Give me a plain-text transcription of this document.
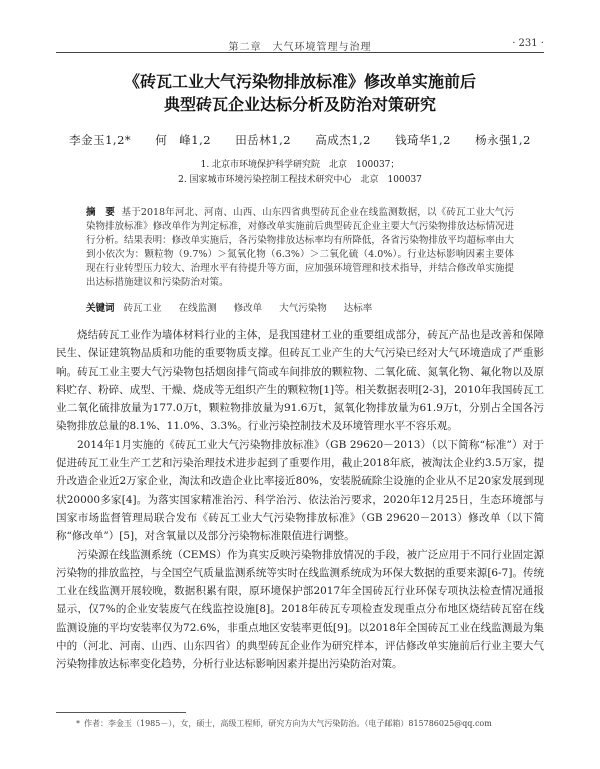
第二章　大气环境管理与治理	· 231 ·
《砖瓦工业大气污染物排放标准》修改单实施前后
典型砖瓦企业达标分析及防治对策研究
李金玉1,2* 何　峰1,2 田岳林1,2 高成杰1,2 钱琦华1,2 杨永强1,2
1. 北京市环境保护科学研究院　北京　100037；
2. 国家城市环境污染控制工程技术研究中心　北京　100037
摘　要 基于2018年河北、河南、山西、山东四省典型砖瓦企业在线监测数据，以《砖瓦工业大气污染物排放标准》修改单作为判定标准，对修改单实施前后典型砖瓦企业主要大气污染物排放达标情况进行分析。结果表明：修改单实施后，各污染物排放达标率均有所降低，各省污染物排放平均超标率由大到小依次为：颗粒物（9.7%）＞氮氧化物（6.3%）＞二氧化硫（4.0%）。行业达标影响因素主要体现在行业转型压力较大、治理水平有待提升等方面，应加强环境管理和技术指导，并结合修改单实施提出达标措施建议和污染防治对策。
关键词 砖瓦工业 在线监测 修改单 大气污染物 达标率

烧结砖瓦工业作为墙体材料行业的主体，是我国建材工业的重要组成部分，砖瓦产品也是改善和保障民生、保证建筑物品质和功能的重要物质支撑。但砖瓦工业产生的大气污染已经对大气环境造成了严重影响。砖瓦工业主要大气污染物包括烟囱排气筒或车间排放的颗粒物、二氧化硫、氮氧化物、氟化物以及原料贮存、粉碎、成型、干燥、烧成等无组织产生的颗粒物[1]等。相关数据表明[2-3]，2010年我国砖瓦工业二氧化硫排放量为177.0万t，颗粒物排放量为91.6万t，氮氧化物排放量为61.9万t，分别占全国各污染物排放总量的8.1%、11.0%、3.3%。行业污染控制技术及环境管理水平不容乐观。

2014年1月实施的《砖瓦工业大气污染物排放标准》（GB 29620－2013）（以下简称“标准”）对于促进砖瓦工业生产工艺和污染治理技术进步起到了重要作用，截止2018年底，被淘汰企业约3.5万家，提升改造企业近2万家企业，淘汰和改造企业比率接近80%，安装脱硫除尘设施的企业从不足20家发展到现状20000多家[4]。为落实国家精准治污、科学治污、依法治污要求，2020年12月25日，生态环境部与国家市场监督管理局联合发布《砖瓦工业大气污染物排放标准》（GB 29620－2013）修改单（以下简称“修改单”）[5]，对含氧量以及部分污染物标准限值进行调整。

污染源在线监测系统（CEMS）作为真实反映污染物排放情况的手段，被广泛应用于不同行业固定源污染物的排放监控，与全国空气质量监测系统等实时在线监测系统成为环保大数据的重要来源[6-7]。传统工业在线监测开展较晚，数据积累有限，原环境保护部2017年全国砖瓦行业环保专项执法检查情况通报显示，仅7%的企业安装废气在线监控设施[8]。2018年砖瓦专项检查发现重点分布地区烧结砖瓦窑在线监测设施的平均安装率仅为72.6%，非重点地区安装率更低[9]。以2018年全国砖瓦工业在线监测最为集中的（河北、河南、山西、山东四省）的典型砖瓦企业作为研究样本，评估修改单实施前后行业主要大气污染物排放达标率变化趋势，分析行业达标影响因素并提出污染防治对策。

* 作者：李金玉（1985－），女，硕士，高级工程师，研究方向为大气污染防治。（电子邮箱）815786025@qq.com
